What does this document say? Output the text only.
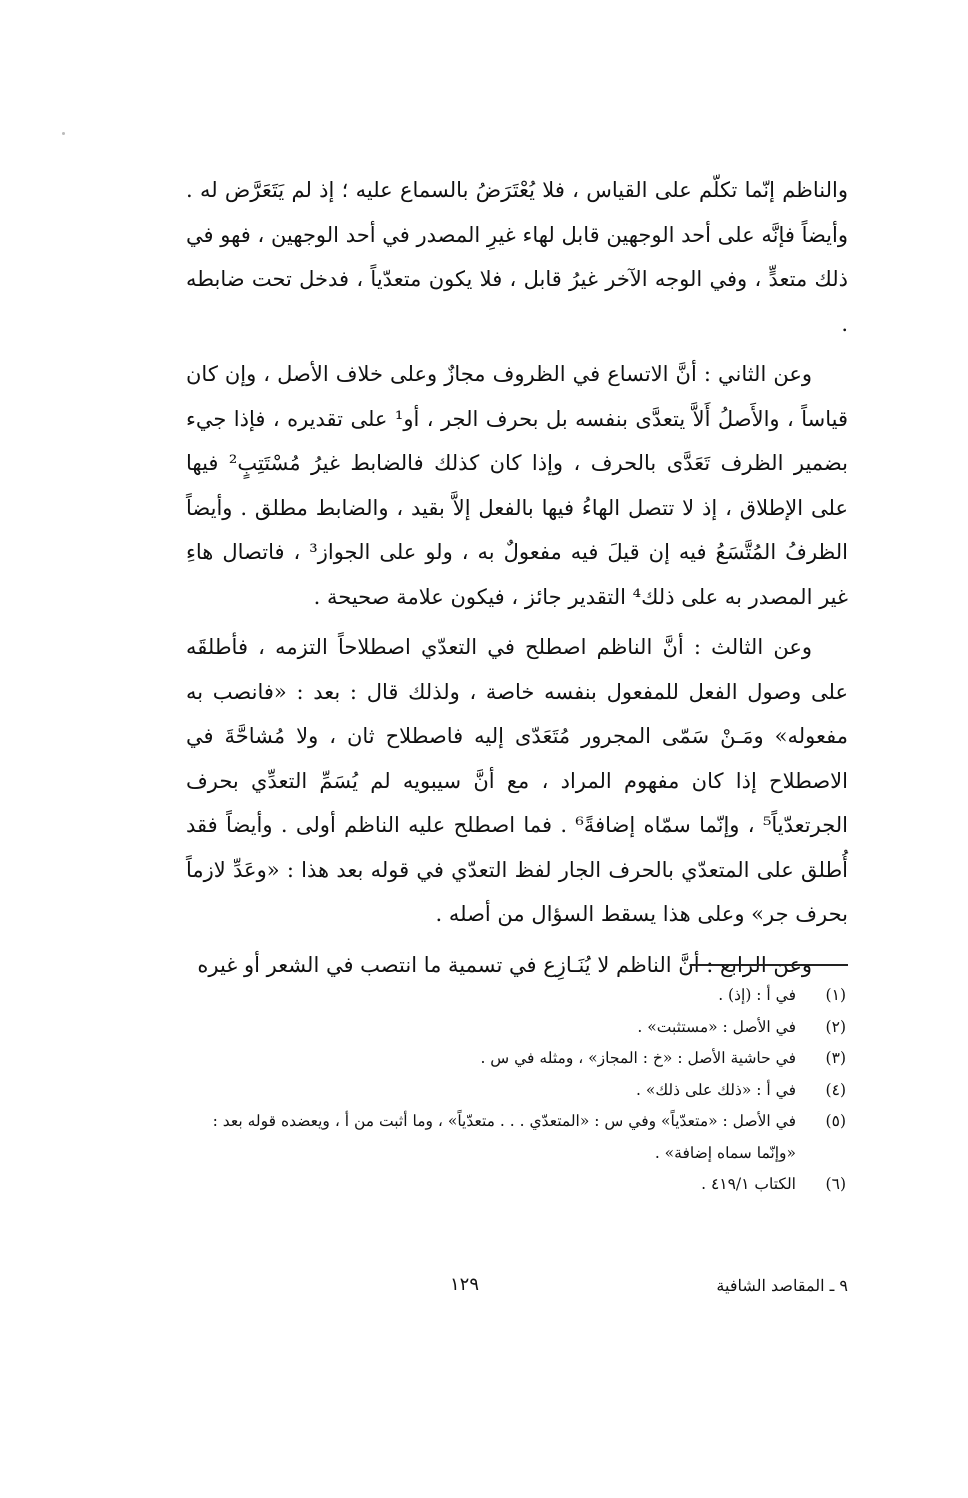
والناظم إنّما تكلّم على القياس ، فلا يُعْتَرَضُ بالسماع عليه ؛ إذ لم يَتَعَرَّض له . وأيضاً فإنَّه على أحد الوجهين قابل لهاء غيرِ المصدر في أحد الوجهين ، فهو في ذلك متعدٍّ ، وفي الوجه الآخر غيرُ قابل ، فلا يكون متعدّياً ، فدخل تحت ضابطه .

وعن الثاني : أنَّ الاتساع في الظروف مجازٌ وعلى خلاف الأصل ، وإن كان قياساً ، والأَصلُ أَلاَّ يتعدَّى بنفسه بل بحرف الجر ، أو¹ على تقديره ، فإذا جيء بضمير الظرف تَعَدَّى بالحرف ، وإذا كان كذلك فالضابط غيرُ مُسْتَتِبٍ² فيها على الإطلاق ، إذ لا تتصل الهاءُ فيها بالفعل إلاَّ بقيد ، والضابط مطلق . وأيضاً الظرفُ المُتَّسَعُ فيه إن قيلَ فيه مفعولٌ به ، ولو على الجواز³ ، فاتصال هاءِ غير المصدر به على ذلك⁴ التقدير جائز ، فيكون علامة صحيحة .

وعن الثالث : أنَّ الناظم اصطلح في التعدّي اصطلاحاً التزمه ، فأطلقَه على وصول الفعل للمفعول بنفسه خاصة ، ولذلك قال : بعد : «فانصب به مفعوله» ومَـنْ سَمّى المجرور مُتَعَدّى إليه فاصطلاح ثان ، ولا مُشاحَّةَ في الاصطلاح إذا كان مفهوم المراد ، مع أنَّ سيبويه لم يُسَمِّ التعدِّي بحرف الجرتعدّياً⁵ ، وإنّما سمّاه إضافةً⁶ . فما اصطلح عليه الناظم أولى . وأيضاً فقد أُطلق على المتعدّي بالحرف الجار لفظ التعدّي في قوله بعد هذا : «وعَدِّ لازماً بحرف جر» وعلى هذا يسقط السؤال من أصله .

وعن الرابع : أنَّ الناظم لا يُنَـازِع في تسمية ما انتصب في الشعر أو غيره

(١)
في أ : (إذ) .
(٢)
في الأصل : «مستثبت» .
(٣)
في حاشية الأصل : «خ : المجاز» ، ومثله في س .
(٤)
في أ : «ذلك على ذلك» .
(٥)
في الأصل : «متعدّياً» وفي س : «المتعدّي . . . متعدّياً» ، وما أثبت من أ ، ويعضده قوله بعد : «وإنّما سماه إضافة» .
(٦)
الكتاب ٤١٩/١ .
٩ ـ المقاصد الشافية
١٢٩
